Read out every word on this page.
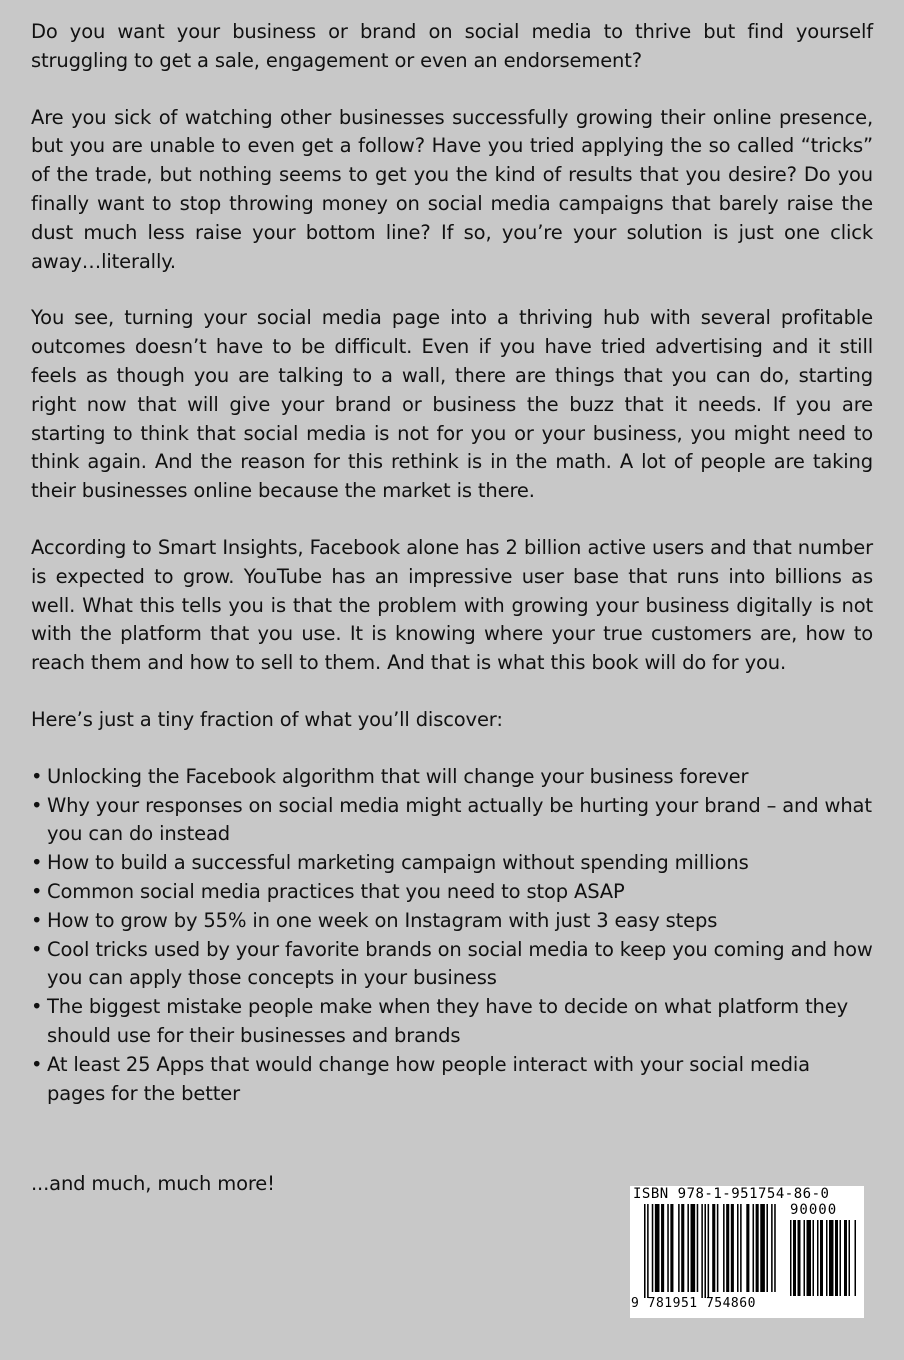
Do you want your business or brand on social media to thrive but find yourself struggling to get a sale, engagement or even an endorsement?

Are you sick of watching other businesses successfully growing their online presence, but you are unable to even get a follow? Have you tried applying the so called “tricks” of the trade, but nothing seems to get you the kind of results that you desire? Do you finally want to stop throwing money on social media campaigns that barely raise the dust much less raise your bottom line? If so, you’re your solution is just one click away…literally.

You see, turning your social media page into a thriving hub with several profitable outcomes doesn’t have to be difficult. Even if you have tried advertising and it still feels as though you are talking to a wall, there are things that you can do, starting right now that will give your brand or business the buzz that it needs. If you are starting to think that social media is not for you or your business, you might need to think again. And the reason for this rethink is in the math. A lot of people are taking their businesses online because the market is there.

According to Smart Insights, Facebook alone has 2 billion active users and that number is expected to grow. YouTube has an impressive user base that runs into billions as well. What this tells you is that the problem with growing your business digitally is not with the platform that you use. It is knowing where your true customers are, how to reach them and how to sell to them. And that is what this book will do for you.

Here’s just a tiny fraction of what you’ll discover:

• Unlocking the Facebook algorithm that will change your business forever
• Why your responses on social media might actually be hurting your brand – and what you can do instead
• How to build a successful marketing campaign without spending millions
• Common social media practices that you need to stop ASAP
• How to grow by 55% in one week on Instagram with just 3 easy steps
• Cool tricks used by your favorite brands on social media to keep you coming and how you can apply those concepts in your business
• The biggest mistake people make when they have to decide on what platform they should use for their businesses and brands
• At least 25 Apps that would change how people interact with your social media pages for the better

...and much, much more!	ISBN 978-1-951754-86-0
90000
9 781951 754860
